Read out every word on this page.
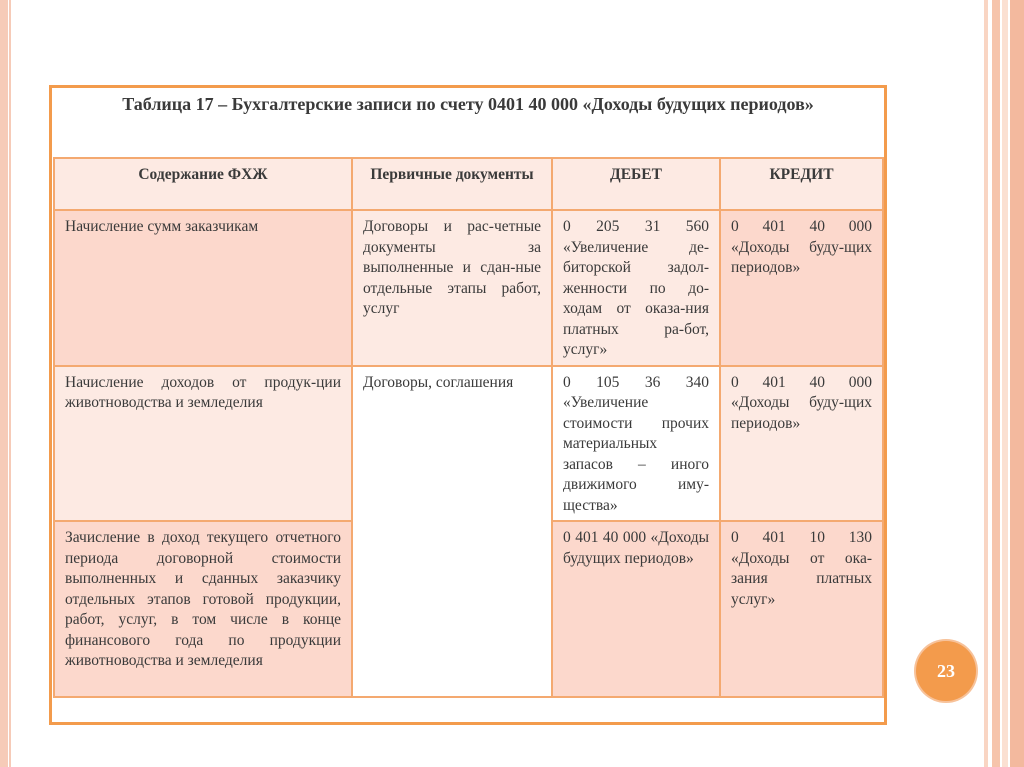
Таблица 17 – Бухгалтерские записи по счету 0401 40 000 «Доходы будущих периодов»
Содержание ФХЖ	Первичные документы	ДЕБЕТ	КРЕДИТ
Начисление сумм заказчикам	Договоры и рас-четные документы за выполненные и сдан-ные отдельные этапы работ, услуг	0 205 31 560 «Увеличение де-биторской задол-женности по до-ходам от оказа-ния платных ра-бот, услуг»	0 401 40 000 «Доходы буду-щих периодов»
Начисление доходов от продук-ции животноводства и земледелия	Договоры, соглашения	0 105 36 340 «Увеличение стоимости прочих материальных запасов – иного движимого иму-щества»	0 401 40 000 «Доходы буду-щих периодов»
Зачисление в доход текущего отчетного периода договорной стоимости выполненных и сданных заказчику отдельных этапов готовой продукции, работ, услуг, в том числе в конце финансового года по продукции животноводства и земледелия		0 401 40 000 «Доходы будущих периодов»	0 401 10 130 «Доходы от ока-зания платных услуг»
23
